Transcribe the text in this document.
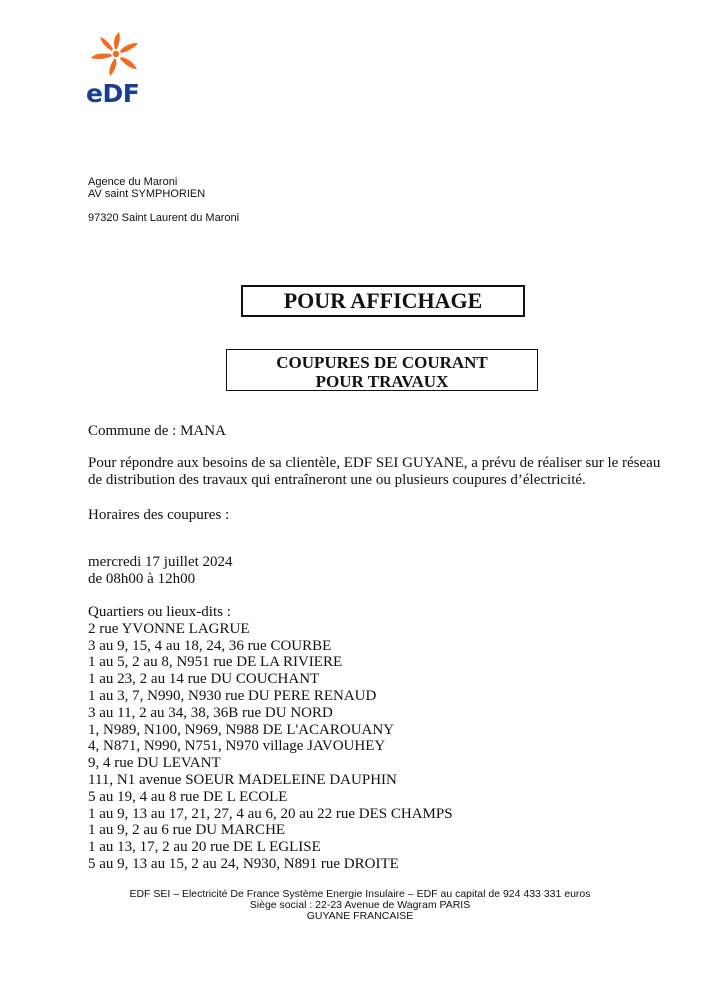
eDF
Agence du Maroni
AV saint SYMPHORIEN
97320 Saint Laurent du Maroni
POUR AFFICHAGE
COUPURES DE COURANT
POUR TRAVAUX
Commune de : MANA
Pour répondre aux besoins de sa clientèle, EDF SEI GUYANE, a prévu de réaliser sur le réseau
de distribution des travaux qui entraîneront une ou plusieurs coupures d’électricité.
Horaires des coupures :
mercredi 17 juillet 2024
de 08h00 à 12h00
Quartiers ou lieux-dits :
2 rue YVONNE LAGRUE
3 au 9, 15, 4 au 18, 24, 36 rue COURBE
1 au 5, 2 au 8, N951 rue DE LA RIVIERE
1 au 23, 2 au 14 rue DU COUCHANT
1 au 3, 7, N990, N930 rue DU PERE RENAUD
3 au 11, 2 au 34, 38, 36B rue DU NORD
1, N989, N100, N969, N988 DE L'ACAROUANY
4, N871, N990, N751, N970 village JAVOUHEY
9, 4 rue DU LEVANT
111, N1 avenue SOEUR MADELEINE DAUPHIN
5 au 19, 4 au 8 rue DE L ECOLE
1 au 9, 13 au 17, 21, 27, 4 au 6, 20 au 22 rue DES CHAMPS
1 au 9, 2 au 6 rue DU MARCHE
1 au 13, 17, 2 au 20 rue DE L EGLISE
5 au 9, 13 au 15, 2 au 24, N930, N891 rue DROITE
EDF SEI – Electricité De France Système Energie Insulaire – EDF au capital de 924 433 331 euros
Siège social : 22-23 Avenue de Wagram PARIS
GUYANE FRANCAISE
